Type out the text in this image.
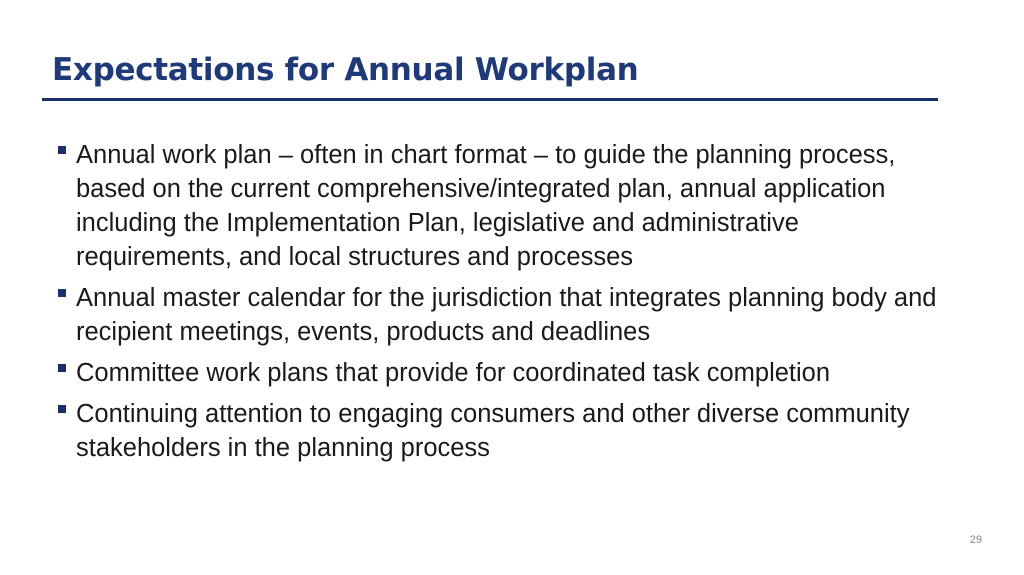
Expectations for Annual Workplan
Annual work plan – often in chart format – to guide the planning process, based on the current comprehensive/integrated plan, annual application including the Implementation Plan, legislative and administrative requirements, and local structures and processes
Annual master calendar for the jurisdiction that integrates planning body and recipient meetings, events, products and deadlines
Committee work plans that provide for coordinated task completion
Continuing attention to engaging consumers and other diverse community stakeholders in the planning process
29
